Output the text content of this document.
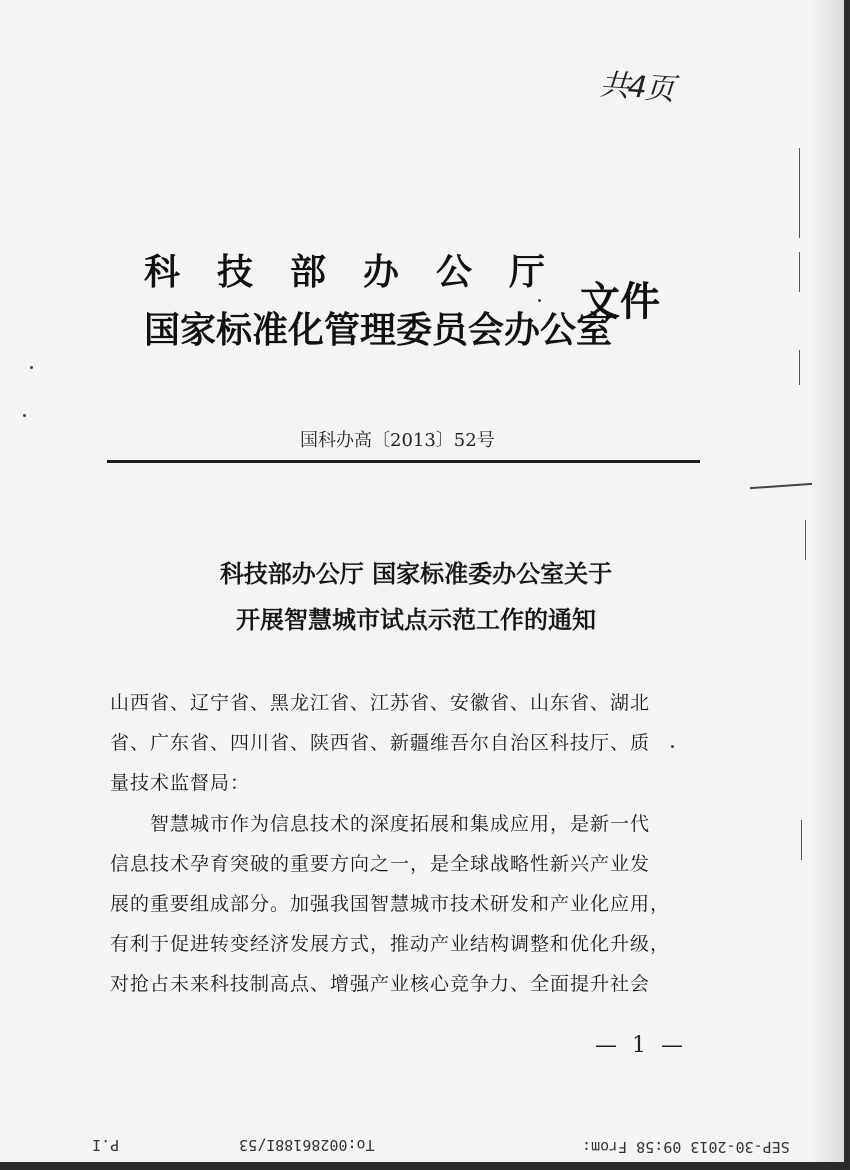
共4页
科技部办公厅
国家标准化管理委员会办公室
文件
国科办高〔2013〕52号
科技部办公厅 国家标准委办公室关于
开展智慧城市试点示范工作的通知
山西省、辽宁省、黑龙江省、江苏省、安徽省、山东省、湖北
省、广东省、四川省、陕西省、新疆维吾尔自治区科技厅、质
量技术监督局：
　　智慧城市作为信息技术的深度拓展和集成应用，是新一代
信息技术孕育突破的重要方向之一，是全球战略性新兴产业发
展的重要组成部分。加强我国智慧城市技术研发和产业化应用，
有利于促进转变经济发展方式，推动产业结构调整和优化升级，
对抢占未来科技制高点、增强产业核心竞争力、全面提升社会
— 1 —
To:00286188I/53　　　　　　　　P.I	SEP-30-2013 09:58 From:
